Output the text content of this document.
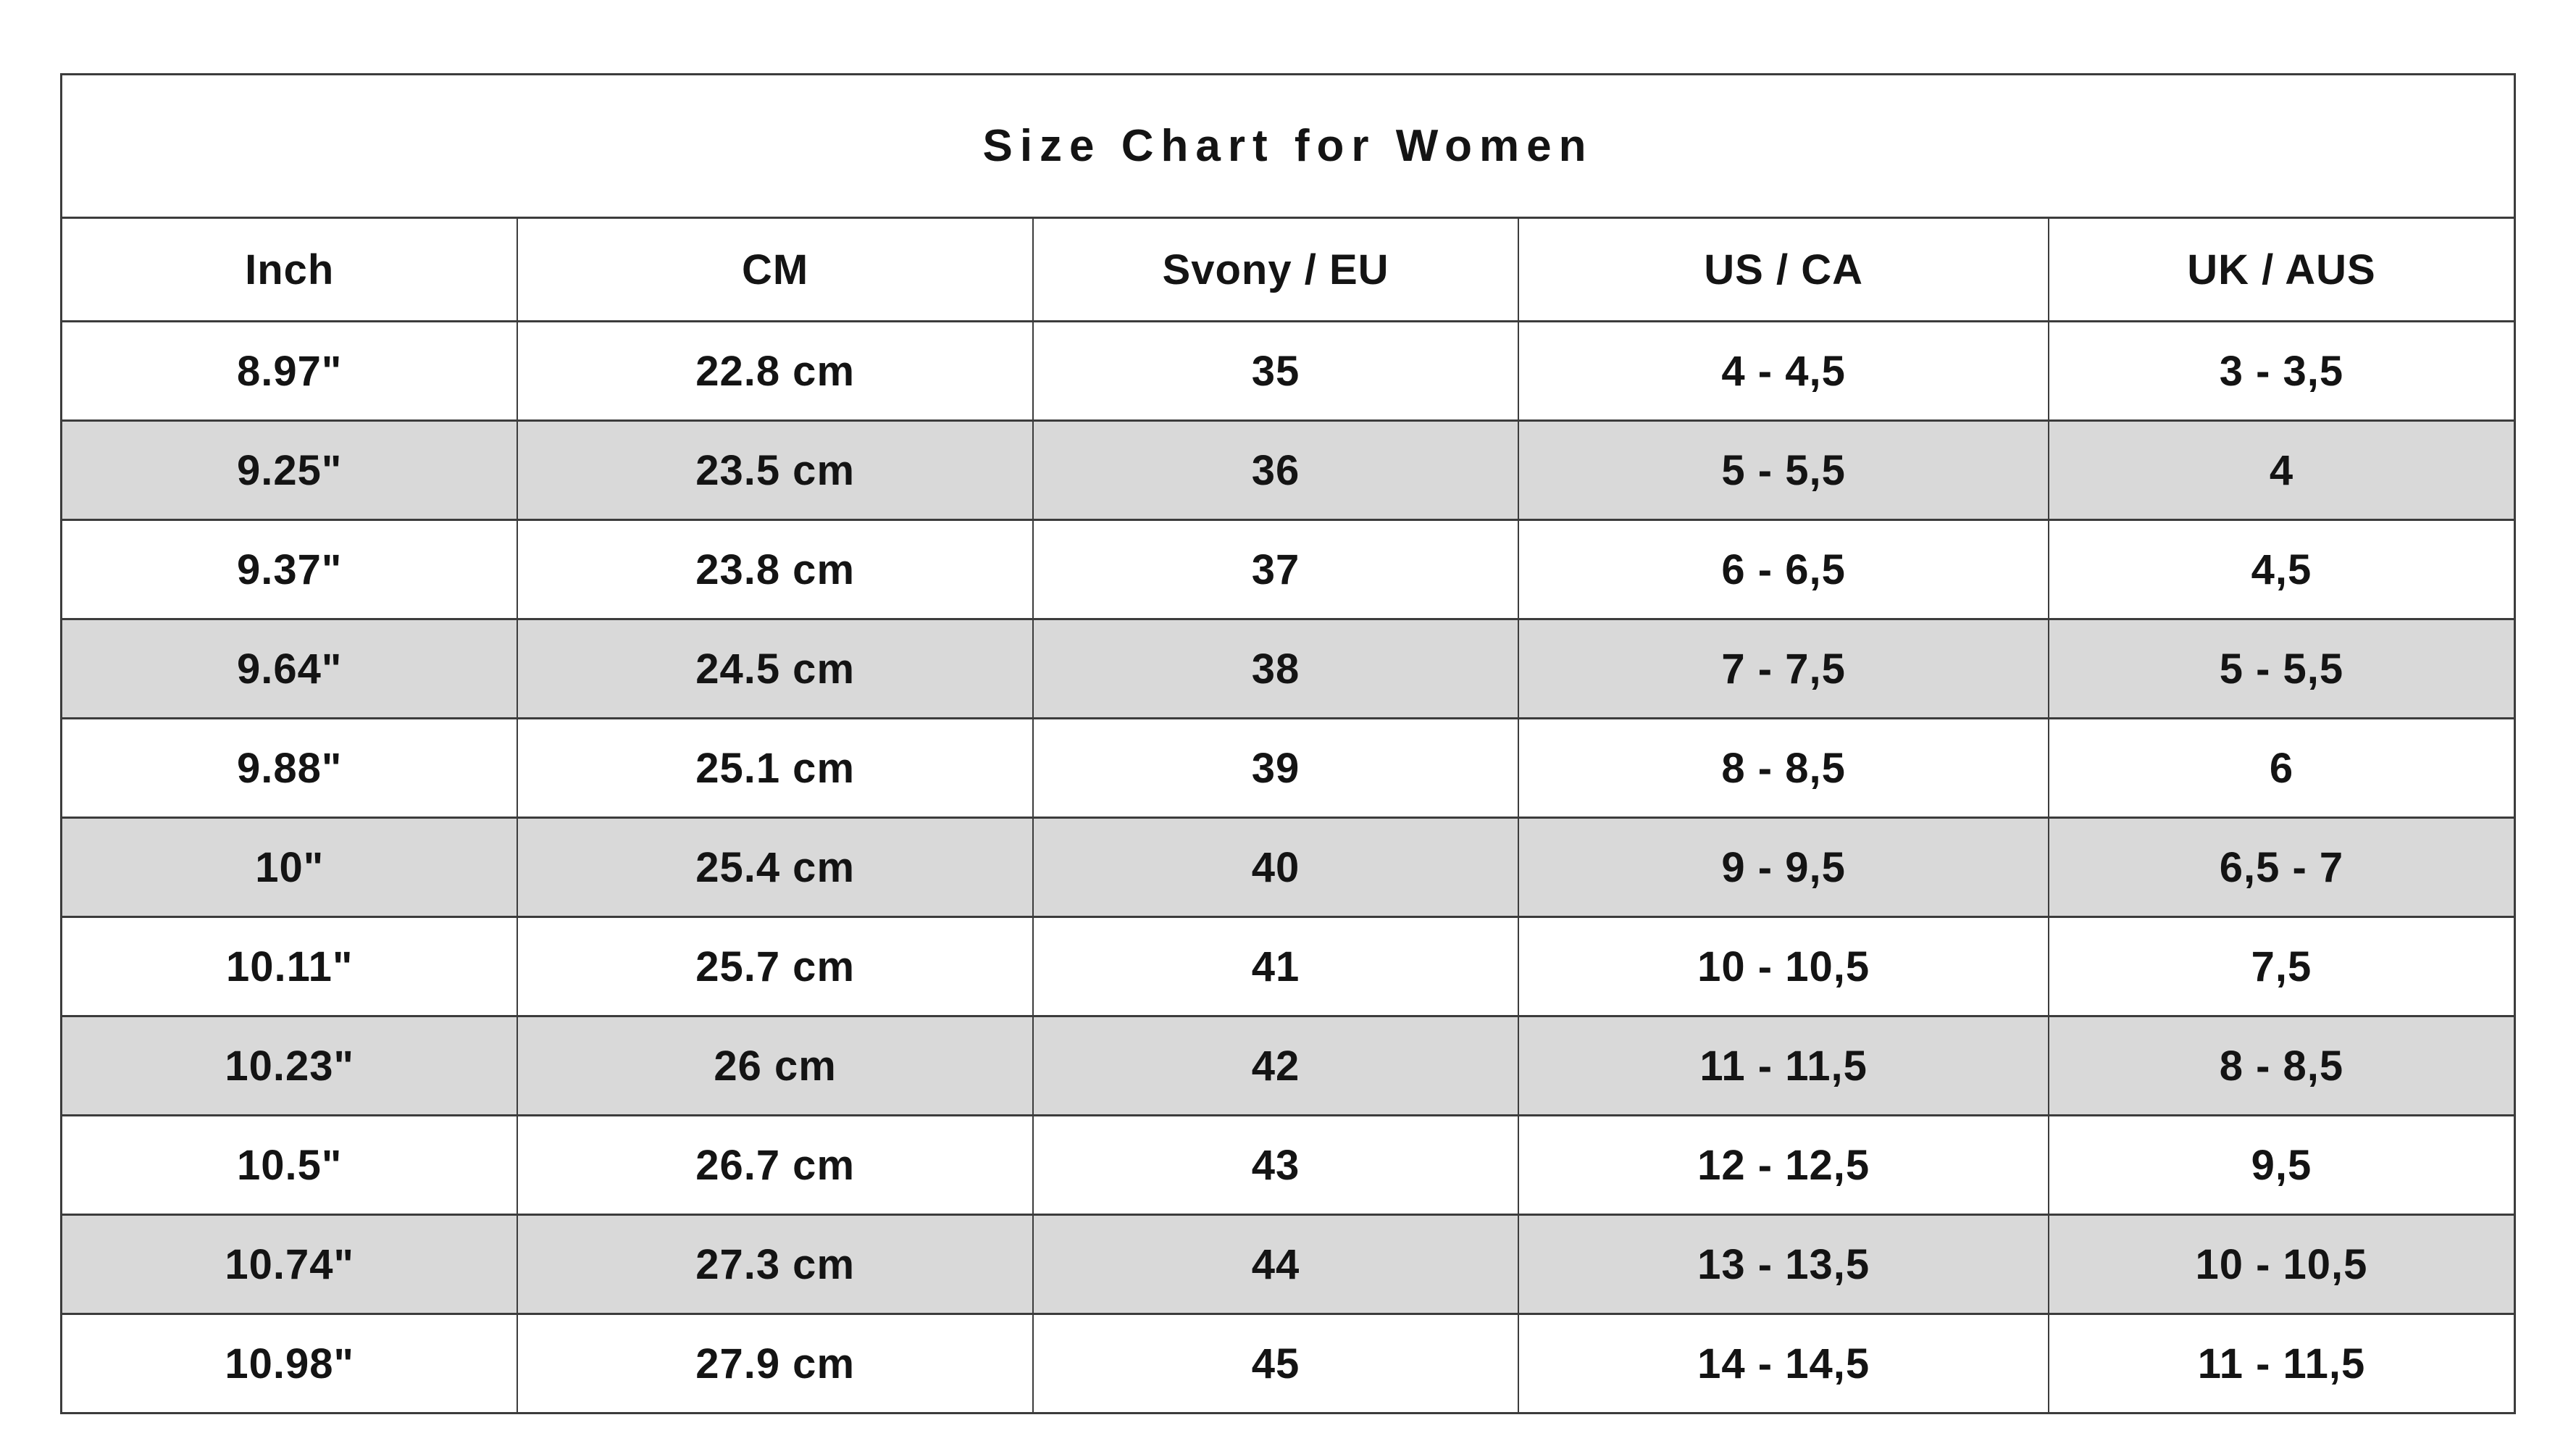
Size Chart for Women				
Inch	CM	Svony / EU	US / CA	UK / AUS
8.97"	22.8 cm	35	4 - 4,5	3 - 3,5
9.25"	23.5 cm	36	5 - 5,5	4
9.37"	23.8 cm	37	6 - 6,5	4,5
9.64"	24.5 cm	38	7 - 7,5	5 - 5,5
9.88"	25.1 cm	39	8 - 8,5	6
10"	25.4 cm	40	9 - 9,5	6,5 - 7
10.11"	25.7 cm	41	10 - 10,5	7,5
10.23"	26 cm	42	11 - 11,5	8 - 8,5
10.5"	26.7 cm	43	12 - 12,5	9,5
10.74"	27.3 cm	44	13 - 13,5	10 - 10,5
10.98"	27.9 cm	45	14 - 14,5	11 - 11,5
